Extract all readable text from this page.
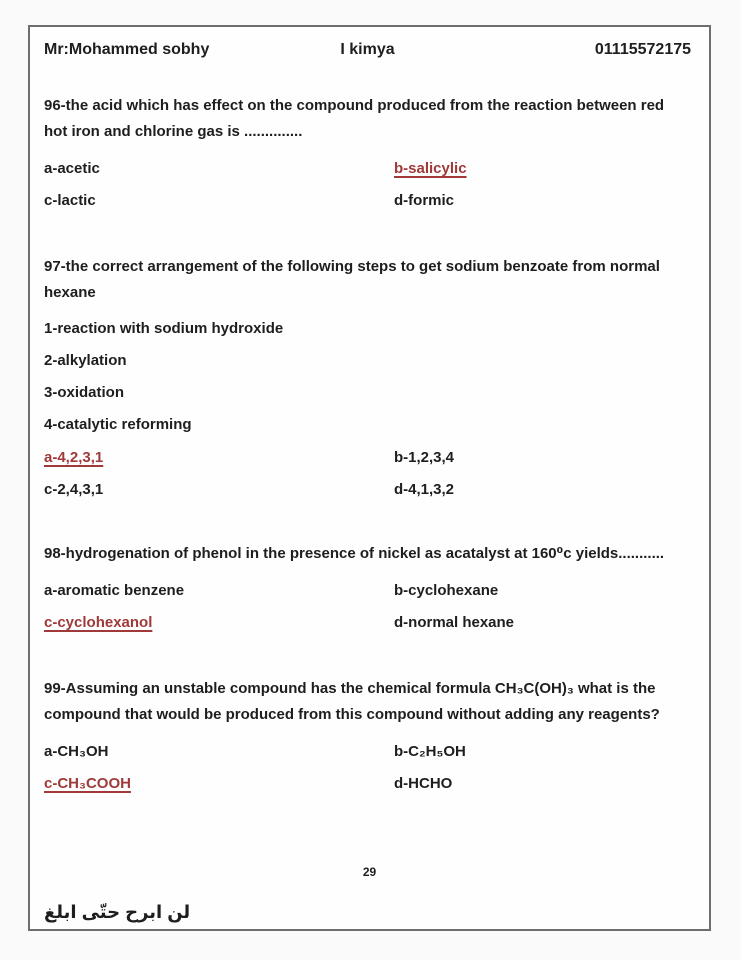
Mr:Mohammed sobhy	I kimya	01115572175

96-the acid which has effect on the compound produced from the reaction between red hot iron and chlorine gas is ..............

a-acetic	b-salicylic
c-lactic	d-formic

97-the correct arrangement of the following steps to get sodium benzoate from normal hexane

1-reaction with sodium hydroxide

2-alkylation

3-oxidation

4-catalytic reforming

a-4,2,3,1	b-1,2,3,4
c-2,4,3,1	d-4,1,3,2

98-hydrogenation of phenol in the presence of nickel as acatalyst at 160⁰c yields...........

a-aromatic benzene	b-cyclohexane
c-cyclohexanol	d-normal hexane

99-Assuming an unstable compound has the chemical formula CH₃C(OH)₃ what is the compound that would be produced from this compound without adding any reagents?

a-CH₃OH	b-C₂H₅OH
c-CH₃COOH	d-HCHO
29
لن ابرح حتّى ابلغ
